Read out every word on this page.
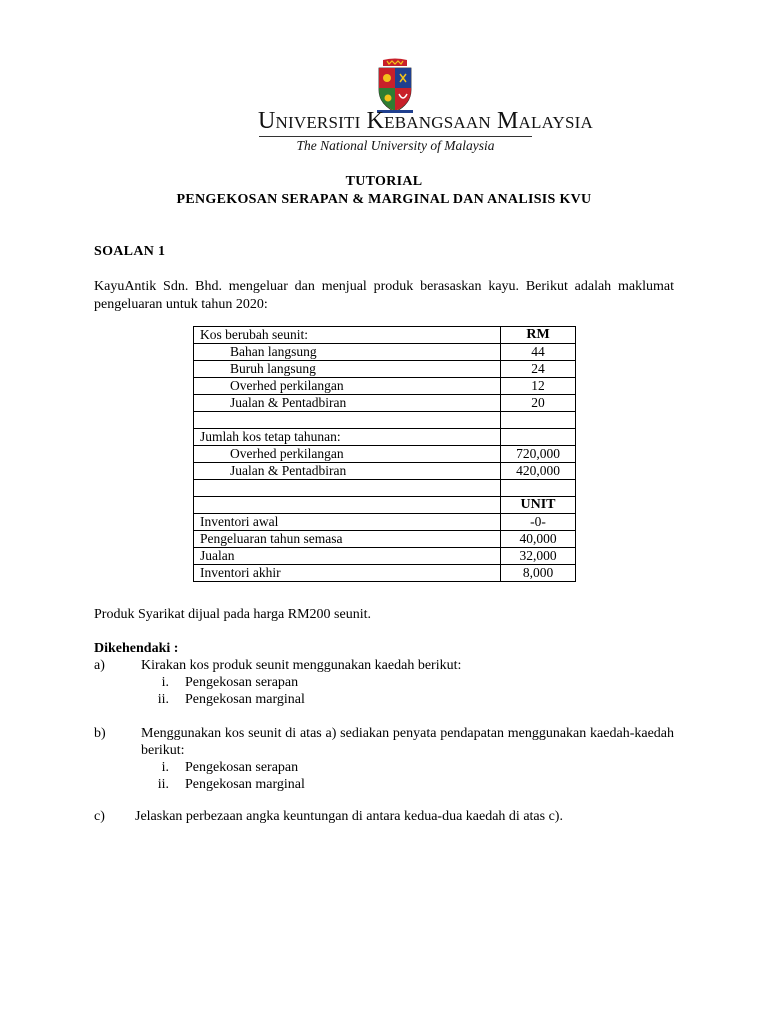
Universiti Kebangsaan Malaysia
The National University of Malaysia
TUTORIAL
PENGEKOSAN SERAPAN & MARGINAL DAN ANALISIS KVU
SOALAN 1
KayuAntik Sdn. Bhd. mengeluar dan menjual produk berasaskan kayu. Berikut adalah maklumat pengeluaran untuk tahun 2020:
Kos berubah seunit:	RM
Bahan langsung	44
Buruh langsung	24
Overhed perkilangan	12
Jualan & Pentadbiran	20

Jumlah kos tetap tahunan:	
Overhed perkilangan	720,000
Jualan & Pentadbiran	420,000

	UNIT
Inventori awal	-0-
Pengeluaran tahun semasa	40,000
Jualan	32,000
Inventori akhir	8,000
Produk Syarikat dijual pada harga RM200 seunit.
Dikehendaki :
a)	Kirakan kos produk seunit menggunakan kaedah berikut:
i. Pengekosan serapan
ii. Pengekosan marginal
b)	Menggunakan kos seunit di atas a) sediakan penyata pendapatan menggunakan kaedah-kaedah berikut:
i. Pengekosan serapan
ii. Pengekosan marginal
c) Jelaskan perbezaan angka keuntungan di antara kedua-dua kaedah di atas c).
